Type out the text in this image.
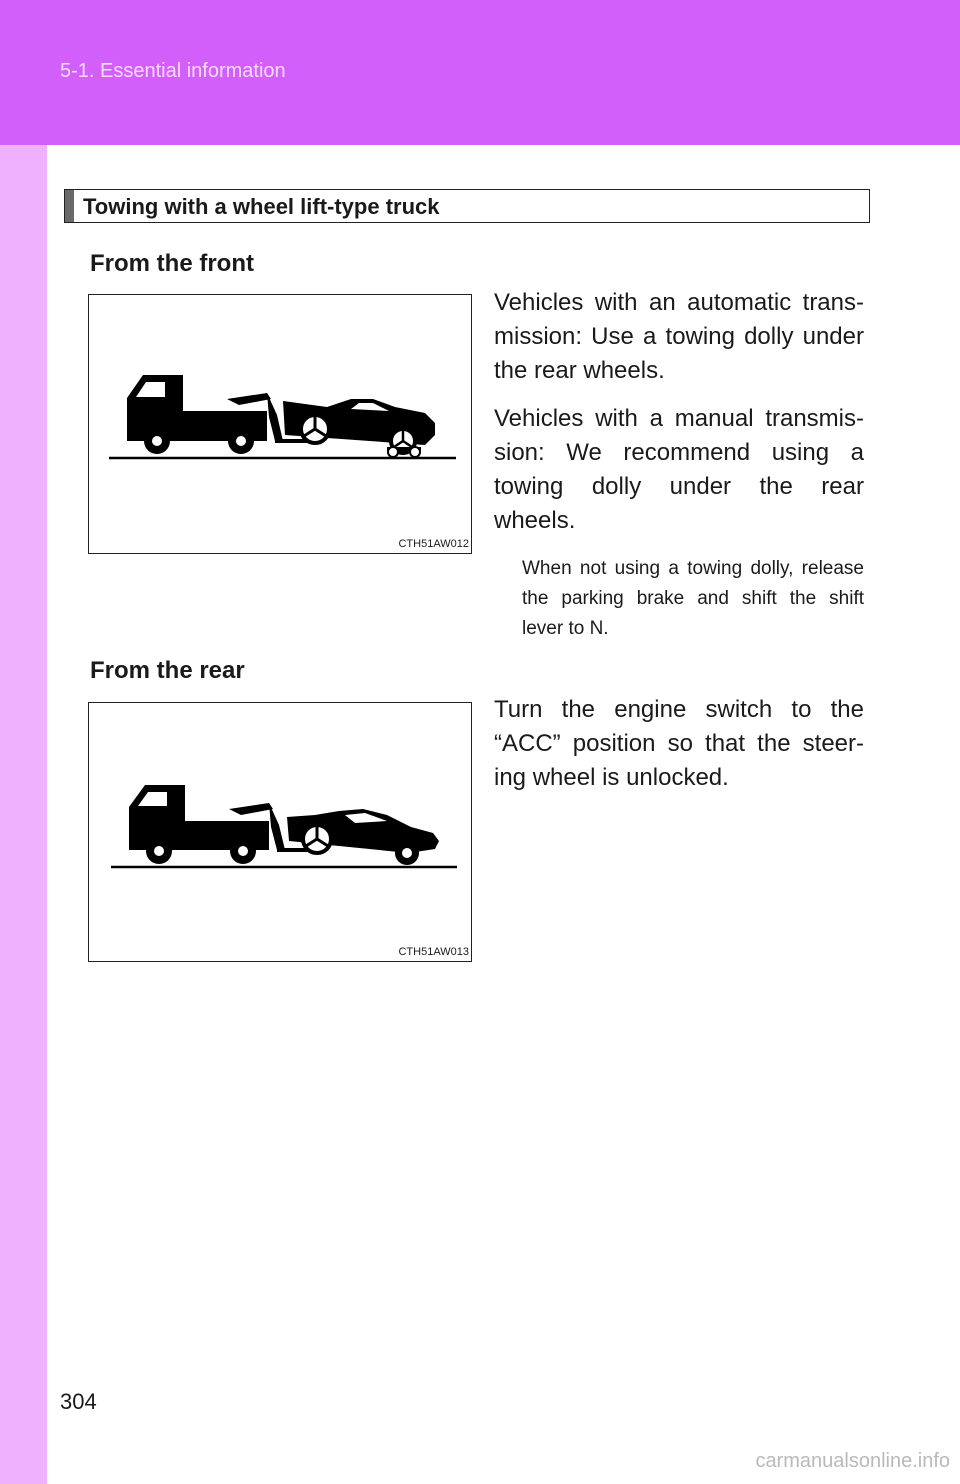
5-1. Essential information
Towing with a wheel lift-type truck
From the front
CTH51AW012
Vehicles with an automatic trans-mission: Use a towing dolly under the rear wheels.
Vehicles with a manual transmis-sion: We recommend using a towing dolly under the rear wheels.
When not using a towing dolly, release the parking brake and shift the shift lever to N.
From the rear
CTH51AW013
Turn the engine switch to the “ACC” position so that the steer-ing wheel is unlocked.
304
carmanualsonline.info
